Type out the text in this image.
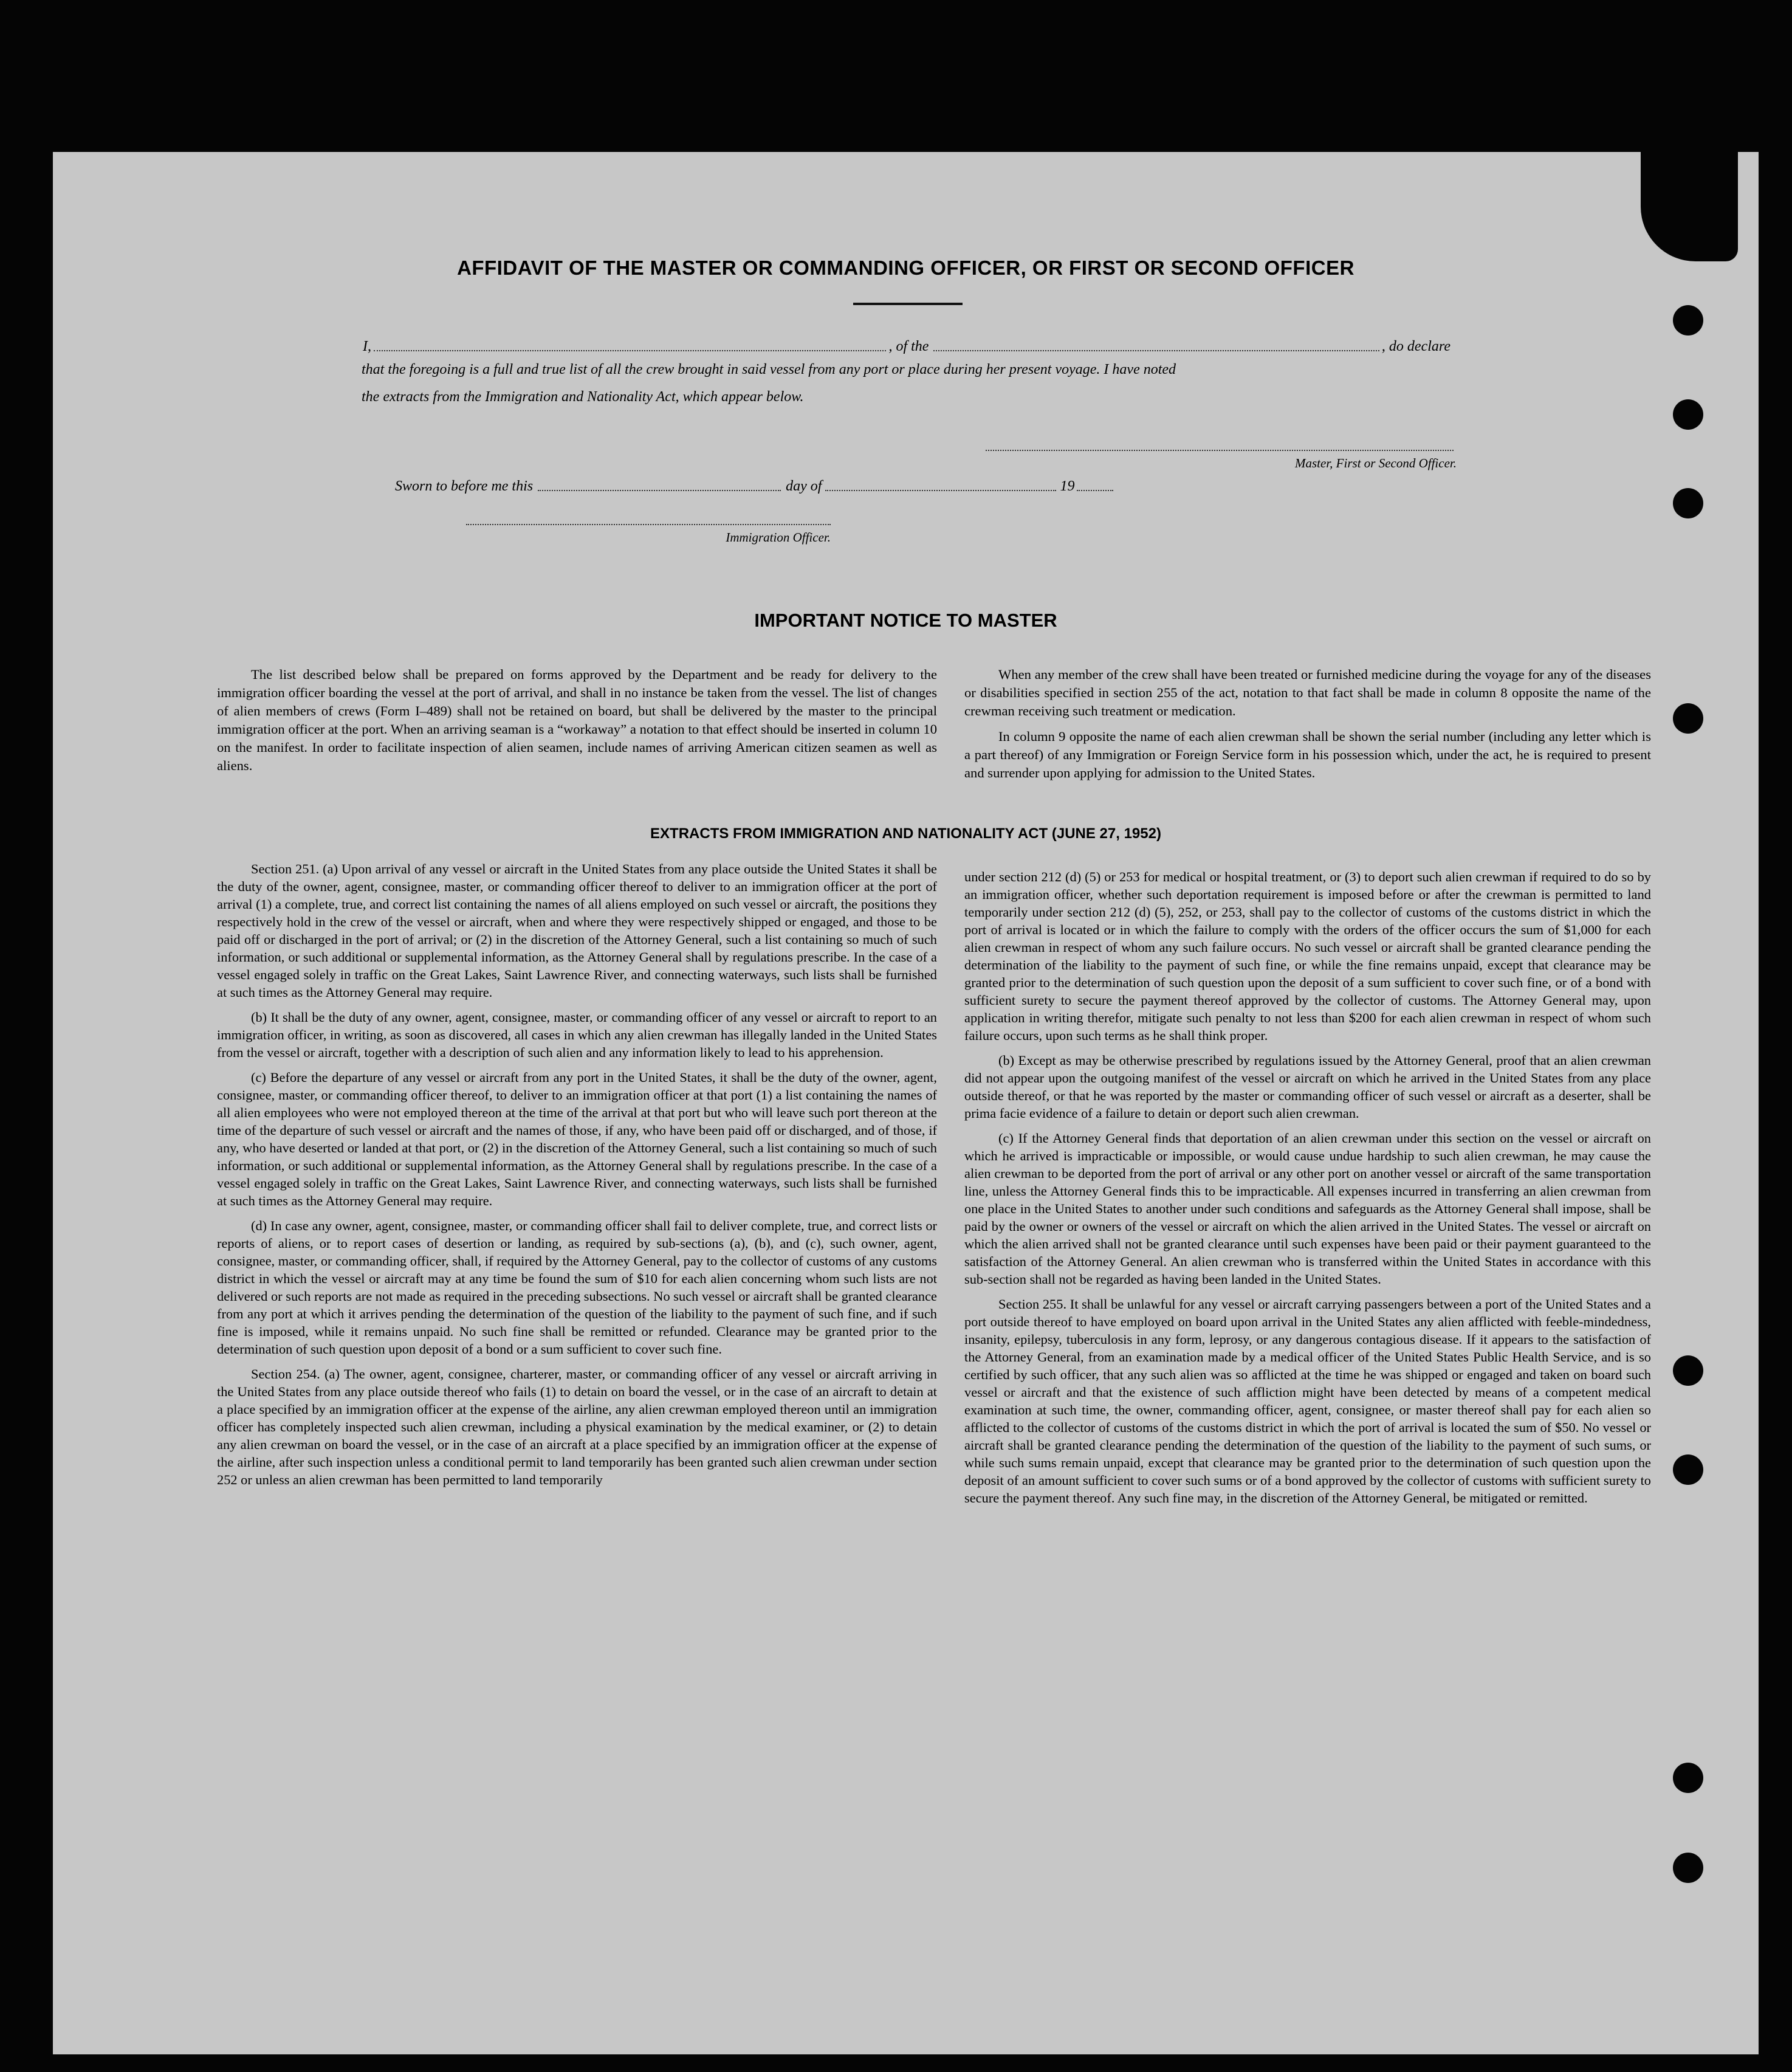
AFFIDAVIT OF THE MASTER OR COMMANDING OFFICER, OR FIRST OR SECOND OFFICER
I,	, of the	, do declare
that the foregoing is a full and true list of all the crew brought in said vessel from any port or place during her present voyage. I have noted
the extracts from the Immigration and Nationality Act, which appear below.
Master, First or Second Officer.
Sworn to before me this	day of	19
Immigration Officer.
IMPORTANT NOTICE TO MASTER

The list described below shall be prepared on forms approved by the Department and be ready for delivery to the immigration officer boarding the vessel at the port of arrival, and shall in no instance be taken from the vessel. The list of changes of alien members of crews (Form I–489) shall not be retained on board, but shall be delivered by the master to the principal immigration officer at the port. When an arriving seaman is a “workaway” a notation to that effect should be inserted in column 10 on the manifest. In order to facilitate inspection of alien seamen, include names of arriving American citizen seamen as well as aliens.

When any member of the crew shall have been treated or furnished medicine during the voyage for any of the diseases or disabilities specified in section 255 of the act, notation to that fact shall be made in column 8 opposite the name of the crewman receiving such treatment or medication.

In column 9 opposite the name of each alien crewman shall be shown the serial number (including any letter which is a part thereof) of any Immigration or Foreign Service form in his possession which, under the act, he is required to present and surrender upon applying for admission to the United States.

EXTRACTS FROM IMMIGRATION AND NATIONALITY ACT (JUNE 27, 1952)

Section 251. (a) Upon arrival of any vessel or aircraft in the United States from any place outside the United States it shall be the duty of the owner, agent, consignee, master, or commanding officer thereof to deliver to an immigration officer at the port of arrival (1) a complete, true, and correct list containing the names of all aliens employed on such vessel or aircraft, the positions they respectively hold in the crew of the vessel or aircraft, when and where they were respectively shipped or engaged, and those to be paid off or discharged in the port of arrival; or (2) in the discretion of the Attorney General, such a list containing so much of such information, or such additional or supplemental information, as the Attorney General shall by regulations prescribe. In the case of a vessel engaged solely in traffic on the Great Lakes, Saint Lawrence River, and connecting waterways, such lists shall be furnished at such times as the Attorney General may require.

(b) It shall be the duty of any owner, agent, consignee, master, or commanding officer of any vessel or aircraft to report to an immigration officer, in writing, as soon as discovered, all cases in which any alien crewman has illegally landed in the United States from the vessel or aircraft, together with a description of such alien and any information likely to lead to his apprehension.

(c) Before the departure of any vessel or aircraft from any port in the United States, it shall be the duty of the owner, agent, consignee, master, or commanding officer thereof, to deliver to an immigration officer at that port (1) a list containing the names of all alien employees who were not employed thereon at the time of the arrival at that port but who will leave such port thereon at the time of the departure of such vessel or aircraft and the names of those, if any, who have been paid off or discharged, and of those, if any, who have deserted or landed at that port, or (2) in the discretion of the Attorney General, such a list containing so much of such information, or such additional or supplemental information, as the Attorney General shall by regulations prescribe. In the case of a vessel engaged solely in traffic on the Great Lakes, Saint Lawrence River, and connecting waterways, such lists shall be furnished at such times as the Attorney General may require.

(d) In case any owner, agent, consignee, master, or commanding officer shall fail to deliver complete, true, and correct lists or reports of aliens, or to report cases of desertion or landing, as required by sub-sections (a), (b), and (c), such owner, agent, consignee, master, or commanding officer, shall, if required by the Attorney General, pay to the collector of customs of any customs district in which the vessel or aircraft may at any time be found the sum of $10 for each alien concerning whom such lists are not delivered or such reports are not made as required in the preceding subsections. No such vessel or aircraft shall be granted clearance from any port at which it arrives pending the determination of the question of the liability to the payment of such fine, and if such fine is imposed, while it remains unpaid. No such fine shall be remitted or refunded. Clearance may be granted prior to the determination of such question upon deposit of a bond or a sum sufficient to cover such fine.

Section 254. (a) The owner, agent, consignee, charterer, master, or commanding officer of any vessel or aircraft arriving in the United States from any place outside thereof who fails (1) to detain on board the vessel, or in the case of an aircraft to detain at a place specified by an immigration officer at the expense of the airline, any alien crewman employed thereon until an immigration officer has completely inspected such alien crewman, including a physical examination by the medical examiner, or (2) to detain any alien crewman on board the vessel, or in the case of an aircraft at a place specified by an immigration officer at the expense of the airline, after such inspection unless a conditional permit to land temporarily has been granted such alien crewman under section 252 or unless an alien crewman has been permitted to land temporarily

under section 212 (d) (5) or 253 for medical or hospital treatment, or (3) to deport such alien crewman if required to do so by an immigration officer, whether such deportation requirement is imposed before or after the crewman is permitted to land temporarily under section 212 (d) (5), 252, or 253, shall pay to the collector of customs of the customs district in which the port of arrival is located or in which the failure to comply with the orders of the officer occurs the sum of $1,000 for each alien crewman in respect of whom any such failure occurs. No such vessel or aircraft shall be granted clearance pending the determination of the liability to the payment of such fine, or while the fine remains unpaid, except that clearance may be granted prior to the determination of such question upon the deposit of a sum sufficient to cover such fine, or of a bond with sufficient surety to secure the payment thereof approved by the collector of customs. The Attorney General may, upon application in writing therefor, mitigate such penalty to not less than $200 for each alien crewman in respect of whom such failure occurs, upon such terms as he shall think proper.

(b) Except as may be otherwise prescribed by regulations issued by the Attorney General, proof that an alien crewman did not appear upon the outgoing manifest of the vessel or aircraft on which he arrived in the United States from any place outside thereof, or that he was reported by the master or commanding officer of such vessel or aircraft as a deserter, shall be prima facie evidence of a failure to detain or deport such alien crewman.

(c) If the Attorney General finds that deportation of an alien crewman under this section on the vessel or aircraft on which he arrived is impracticable or impossible, or would cause undue hardship to such alien crewman, he may cause the alien crewman to be deported from the port of arrival or any other port on another vessel or aircraft of the same transportation line, unless the Attorney General finds this to be impracticable. All expenses incurred in transferring an alien crewman from one place in the United States to another under such conditions and safeguards as the Attorney General shall impose, shall be paid by the owner or owners of the vessel or aircraft on which the alien arrived in the United States. The vessel or aircraft on which the alien arrived shall not be granted clearance until such expenses have been paid or their payment guaranteed to the satisfaction of the Attorney General. An alien crewman who is transferred within the United States in accordance with this sub-section shall not be regarded as having been landed in the United States.

Section 255. It shall be unlawful for any vessel or aircraft carrying passengers between a port of the United States and a port outside thereof to have employed on board upon arrival in the United States any alien afflicted with feeble-mindedness, insanity, epilepsy, tuberculosis in any form, leprosy, or any dangerous contagious disease. If it appears to the satisfaction of the Attorney General, from an examination made by a medical officer of the United States Public Health Service, and is so certified by such officer, that any such alien was so afflicted at the time he was shipped or engaged and taken on board such vessel or aircraft and that the existence of such affliction might have been detected by means of a competent medical examination at such time, the owner, commanding officer, agent, consignee, or master thereof shall pay for each alien so afflicted to the collector of customs of the customs district in which the port of arrival is located the sum of $50. No vessel or aircraft shall be granted clearance pending the determination of the question of the liability to the payment of such sums, or while such sums remain unpaid, except that clearance may be granted prior to the determination of such question upon the deposit of an amount sufficient to cover such sums or of a bond approved by the collector of customs with sufficient surety to secure the payment thereof. Any such fine may, in the discretion of the Attorney General, be mitigated or remitted.
